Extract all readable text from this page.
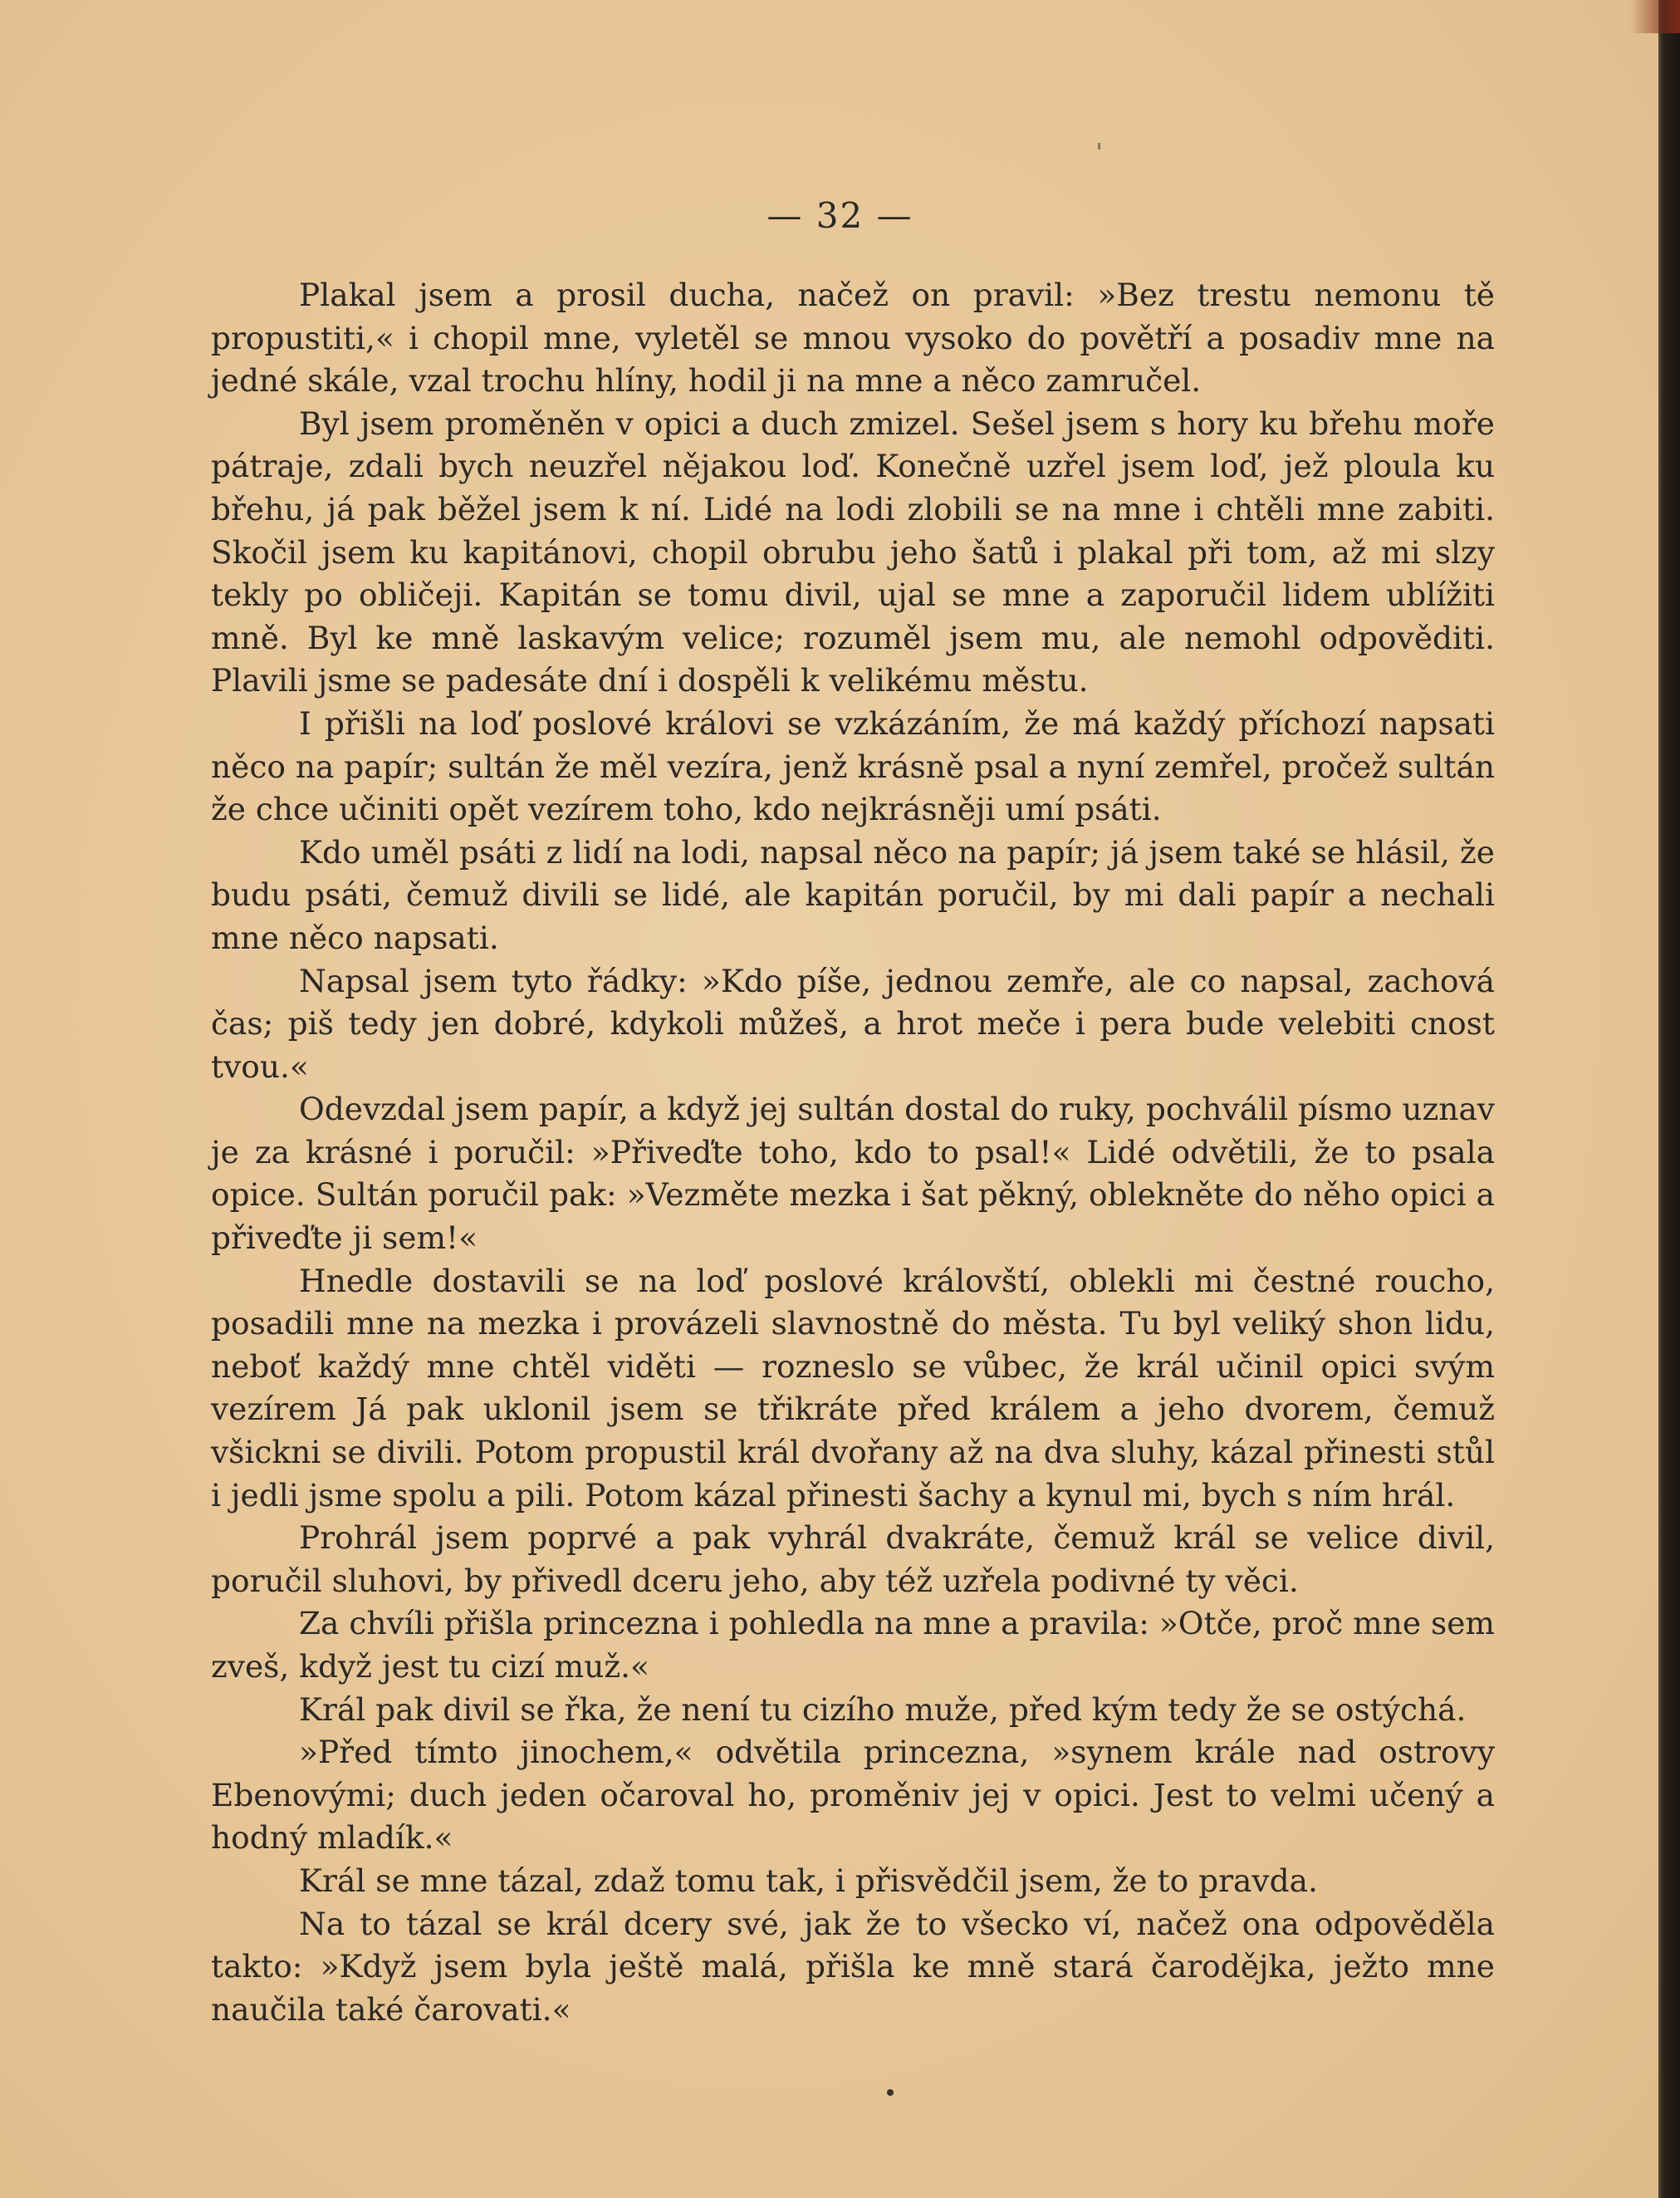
— 32 —

Plakal jsem a prosil ducha, načež on pravil: »Bez trestu nemonu tě propustiti,« i chopil mne, vyletěl se mnou vysoko do povětří a posadiv mne na jedné skále, vzal trochu hlíny, hodil ji na mne a něco zamručel.

Byl jsem proměněn v opici a duch zmizel. Sešel jsem s hory ku břehu moře pátraje, zdali bych neuzřel nějakou loď. Konečně uzřel jsem loď, jež ploula ku břehu, já pak běžel jsem k ní. Lidé na lodi zlobili se na mne i chtěli mne zabiti. Skočil jsem ku kapitánovi, chopil obrubu jeho šatů i plakal při tom, až mi slzy tekly po obličeji. Kapitán se tomu divil, ujal se mne a zaporučil lidem ublížiti mně. Byl ke mně laskavým velice; rozuměl jsem mu, ale nemohl odpověditi. Plavili jsme se padesáte dní i dospěli k velikému městu.

I přišli na loď poslové královi se vzkázáním, že má každý příchozí napsati něco na papír; sultán že měl vezíra, jenž krásně psal a nyní zemřel, pročež sultán že chce učiniti opět vezírem toho, kdo nejkrásněji umí psáti.

Kdo uměl psáti z lidí na lodi, napsal něco na papír; já jsem také se hlásil, že budu psáti, čemuž divili se lidé, ale kapitán poručil, by mi dali papír a nechali mne něco napsati.

Napsal jsem tyto řádky: »Kdo píše, jednou zemře, ale co napsal, zachová čas; piš tedy jen dobré, kdykoli můžeš, a hrot meče i pera bude velebiti cnost tvou.«

Odevzdal jsem papír, a když jej sultán dostal do ruky, pochválil písmo uznav je za krásné i poručil: »Přiveďte toho, kdo to psal!« Lidé odvětili, že to psala opice. Sultán poručil pak: »Vezměte mezka i šat pěkný, oblekněte do něho opici a přiveďte ji sem!«

Hnedle dostavili se na loď poslové královští, oblekli mi čestné roucho, posadili mne na mezka i provázeli slavnostně do města. Tu byl veliký shon lidu, neboť každý mne chtěl viděti — rozneslo se vůbec, že král učinil opici svým vezírem Já pak uklonil jsem se třikráte před králem a jeho dvorem, čemuž všickni se divili. Potom propustil král dvořany až na dva sluhy, kázal přinesti stůl i jedli jsme spolu a pili. Potom kázal přinesti šachy a kynul mi, bych s ním hrál.

Prohrál jsem poprvé a pak vyhrál dvakráte, čemuž král se velice divil, poručil sluhovi, by přivedl dceru jeho, aby též uzřela podivné ty věci.

Za chvíli přišla princezna i pohledla na mne a pravila: »Otče, proč mne sem zveš, když jest tu cizí muž.«

Král pak divil se řka, že není tu cizího muže, před kým tedy že se ostýchá.

»Před tímto jinochem,« odvětila princezna, »synem krále nad ostrovy Ebenovými; duch jeden očaroval ho, proměniv jej v opici. Jest to velmi učený a hodný mladík.«

Král se mne tázal, zdaž tomu tak, i přisvědčil jsem, že to pravda.

Na to tázal se král dcery své, jak že to všecko ví, načež ona odpověděla takto: »Když jsem byla ještě malá, přišla ke mně stará čarodějka, ježto mne naučila také čarovati.«
